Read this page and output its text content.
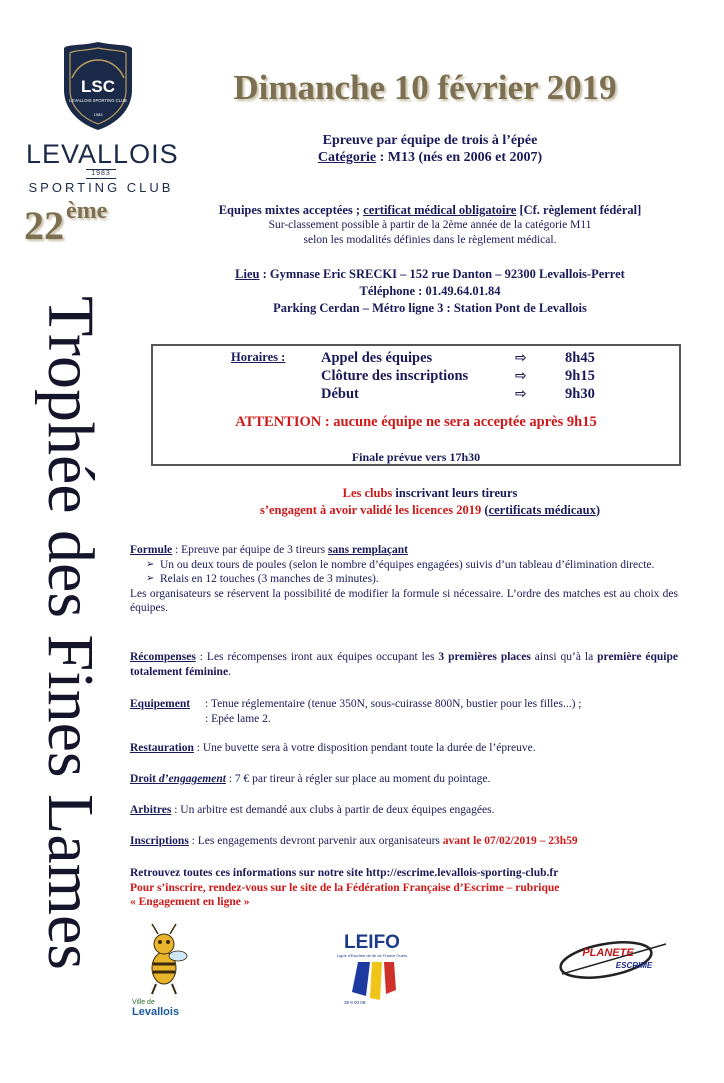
LSC
LEVALLOIS SPORTING CLUB
1983
LEVALLOIS
1983
SPORTING CLUB
Dimanche 10 février 2019
22ème
Trophée des Fines Lames
Epreuve par équipe de trois à l’épée
Catégorie : M13 (nés en 2006 et 2007)
Equipes mixtes acceptées ; certificat médical obligatoire [Cf. règlement fédéral]
Sur-classement possible à partir de la 2ème année de la catégorie M11
selon les modalités définies dans le règlement médical.
Lieu : Gymnase Eric SRECKI – 152 rue Danton – 92300 Levallois-Perret
Téléphone : 01.49.64.01.84
Parking Cerdan – Métro ligne 3 : Station Pont de Levallois
Horaires : Appel des équipes	⇨	8h45
Clôture des inscriptions	⇨	9h15
Début	⇨	9h30
ATTENTION : aucune équipe ne sera acceptée après 9h15
Finale prévue vers 17h30
Les clubs inscrivant leurs tireurs
s’engagent à avoir validé les licences 2019 (certificats médicaux)
Formule : Epreuve par équipe de 3 tireurs sans remplaçant
➢ Un ou deux tours de poules (selon le nombre d’équipes engagées) suivis d’un tableau d’élimination directe.
➢ Relais en 12 touches (3 manches de 3 minutes).
Les organisateurs se réservent la possibilité de modifier la formule si nécessaire. L’ordre des matches est au choix des équipes.
Récompenses : Les récompenses iront aux équipes occupant les 3 premières places ainsi qu’à la première équipe totalement féminine.
Equipement : Tenue réglementaire (tenue 350N, sous-cuirasse 800N, bustier pour les filles...) ;
: Epée lame 2.
Restauration : Une buvette sera à votre disposition pendant toute la durée de l’épreuve.
Droit d’engagement : 7 € par tireur à régler sur place au moment du pointage.
Arbitres : Un arbitre est demandé aux clubs à partir de deux équipes engagées.
Inscriptions : Les engagements devront parvenir aux organisateurs avant le 07/02/2019 – 23h59
Retrouvez toutes ces informations sur notre site http://escrime.levallois-sporting-club.fr
Pour s’inscrire, rendez-vous sur le site de la Fédération Française d’Escrime – rubrique
« Engagement en ligne »
Ville de
Levallois
LEIFO
Ligue d'Escrime de Ile de France Ouest
38 9 00 09
PLANETE
ESCRIME
